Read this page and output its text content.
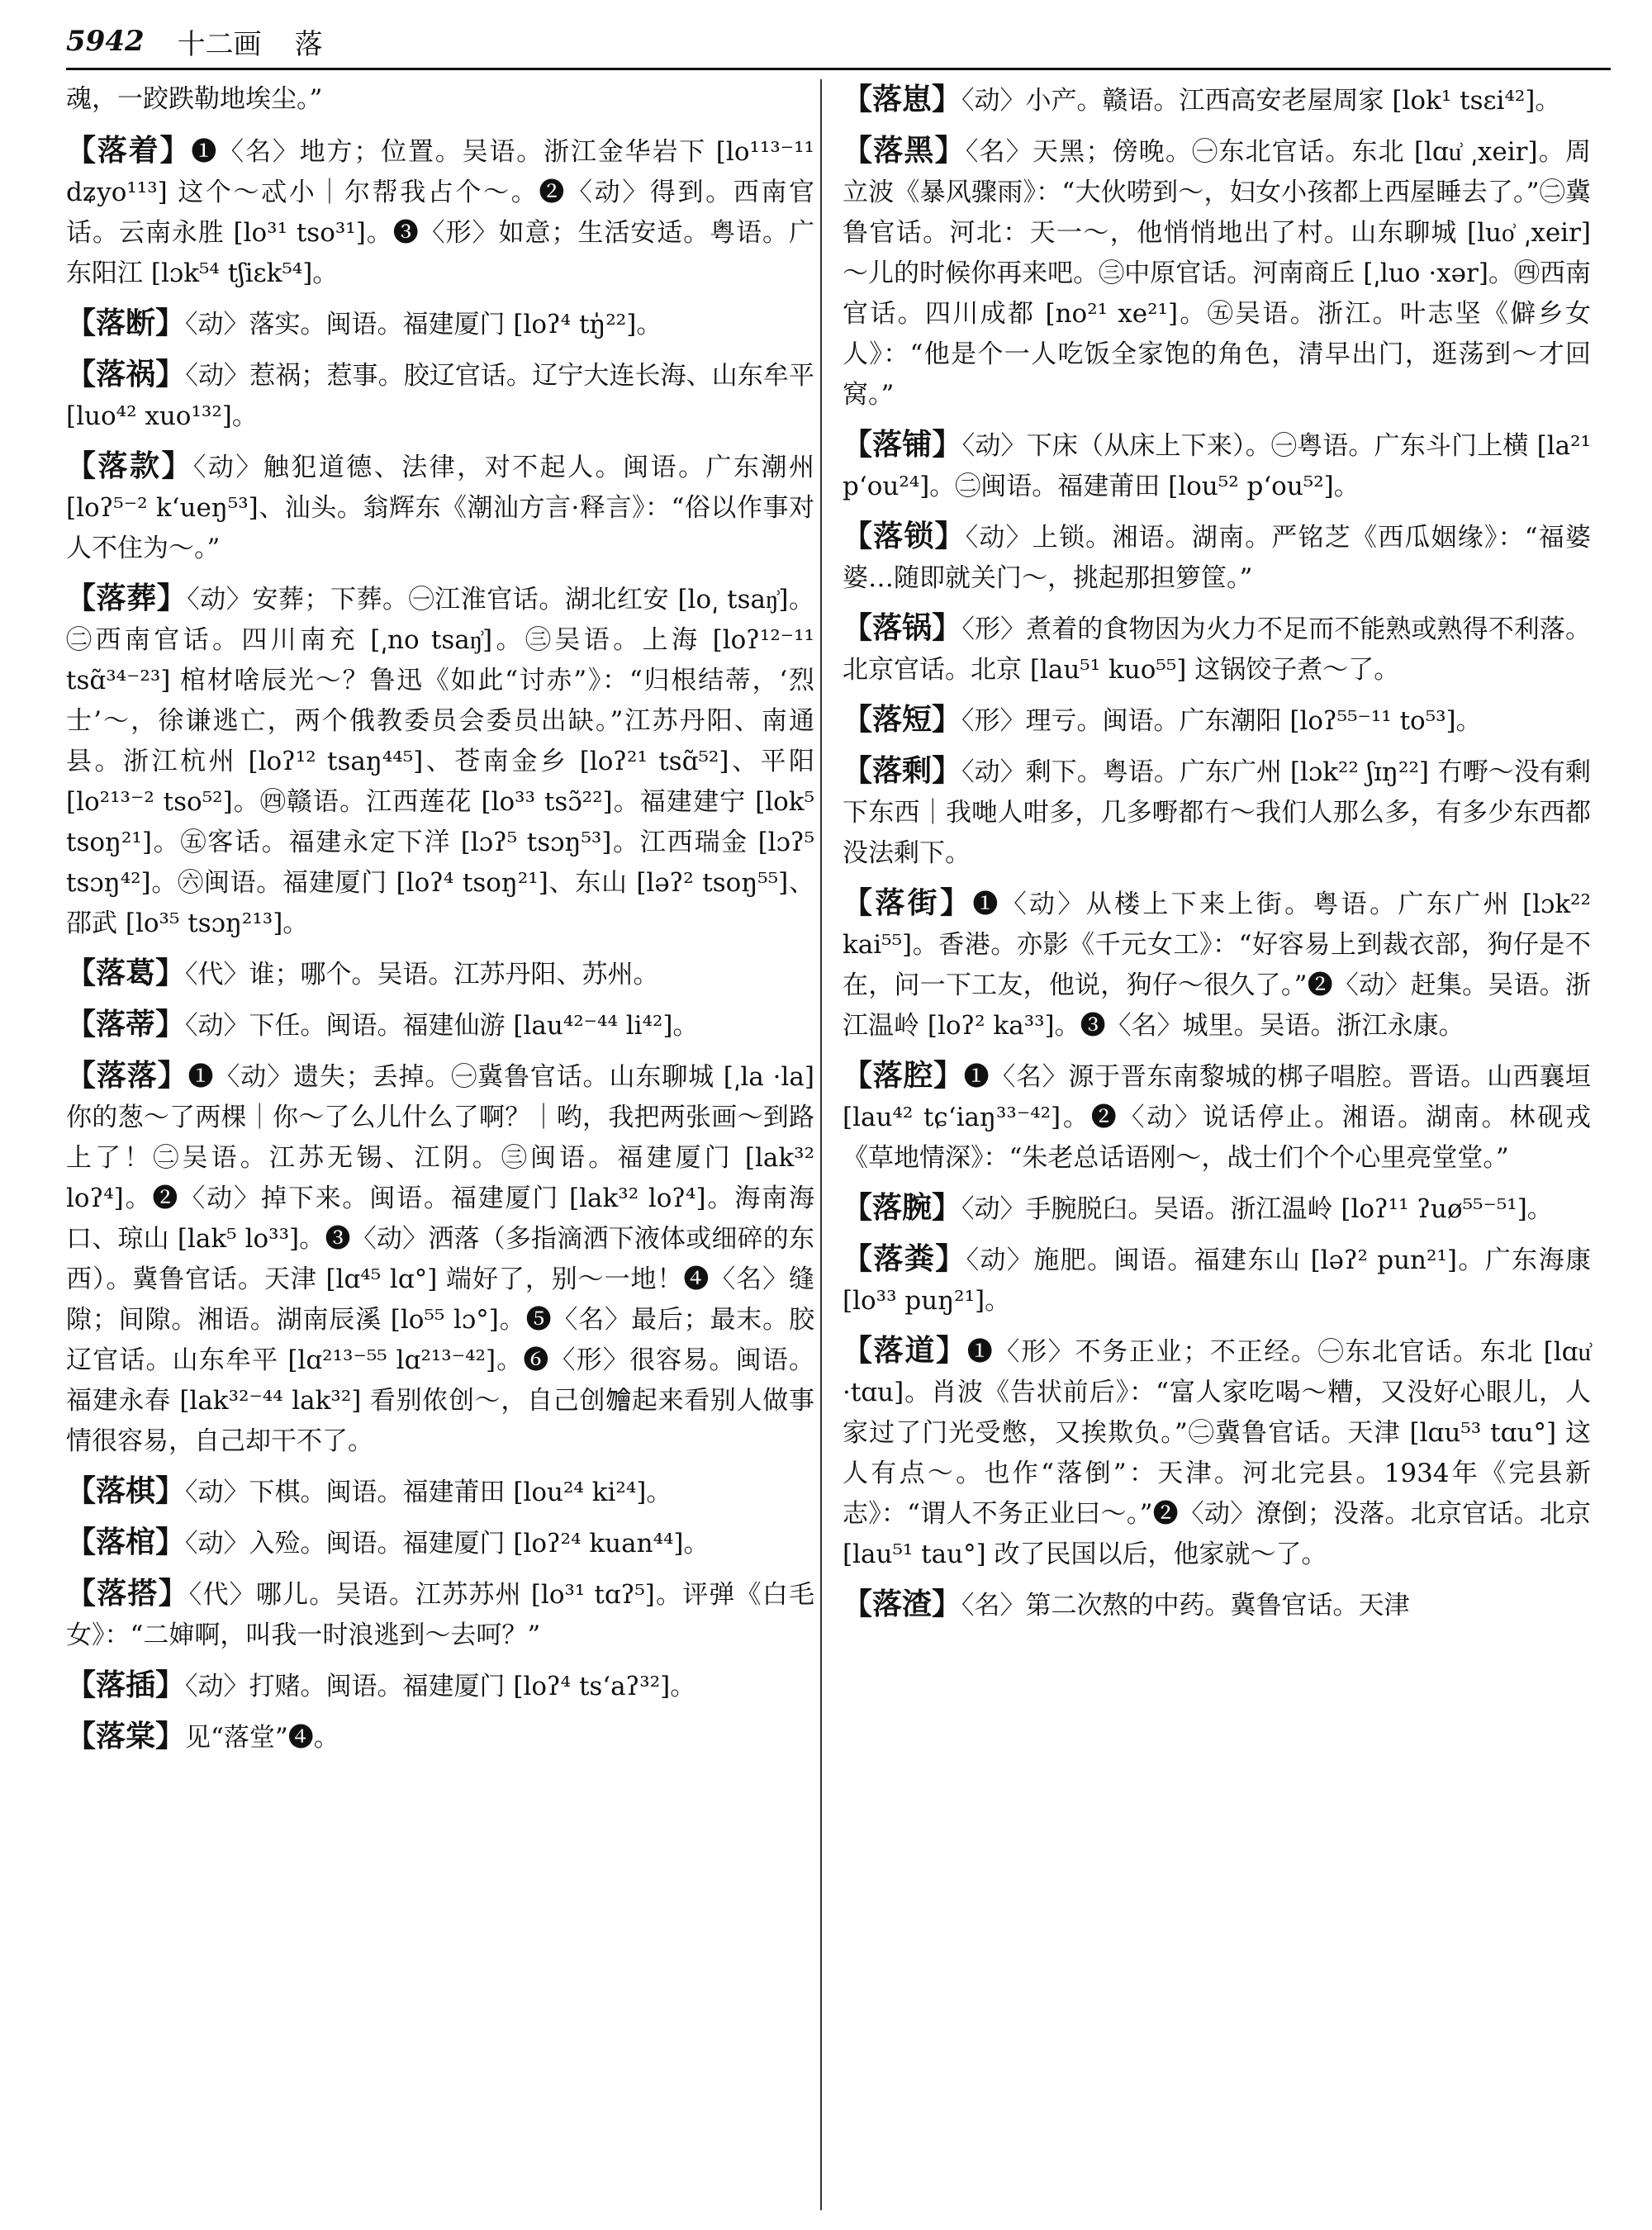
5942 十二画 落
魂，一跤跌勒地埃尘。”
【落着】❶〈名〉地方；位置。吴语。浙江金华岩下 [lo¹¹³⁻¹¹ dʑyo¹¹³] 这个～忒小｜尔帮我占个～。❷〈动〉得到。西南官话。云南永胜 [lo³¹ tso³¹]。❸〈形〉如意；生活安适。粤语。广东阳江 [lɔk⁵⁴ tʃiɛk⁵⁴]。
【落断】〈动〉落实。闽语。福建厦门 [loʔ⁴ tŋ̍²²]。
【落祸】〈动〉惹祸；惹事。胶辽官话。辽宁大连长海、山东牟平 [luo⁴² xuo¹³²]。
【落款】〈动〉触犯道德、法律，对不起人。闽语。广东潮州 [loʔ⁵⁻² kʻueŋ⁵³]、汕头。翁辉东《潮汕方言·释言》：“俗以作事对人不住为～。”
【落葬】〈动〉安葬；下葬。㊀江淮官话。湖北红安 [lo͵ tsaŋ͗]。㊁西南官话。四川南充 [͵no tsaŋ͗]。㊂吴语。上海 [loʔ¹²⁻¹¹ tsɑ̃³⁴⁻²³] 棺材啥辰光～？鲁迅《如此“讨赤”》：“归根结蒂，‘烈士’～，徐谦逃亡，两个俄教委员会委员出缺。”江苏丹阳、南通县。浙江杭州 [loʔ¹² tsaŋ⁴⁴⁵]、苍南金乡 [loʔ²¹ tsɑ̃⁵²]、平阳 [lo²¹³⁻² tso⁵²]。㊃赣语。江西莲花 [lo³³ tsɔ̃²²]。福建建宁 [lok⁵ tsoŋ²¹]。㊄客话。福建永定下洋 [lɔʔ⁵ tsɔŋ⁵³]。江西瑞金 [lɔʔ⁵ tsɔŋ⁴²]。㊅闽语。福建厦门 [loʔ⁴ tsoŋ²¹]、东山 [ləʔ² tsoŋ⁵⁵]、邵武 [lo³⁵ tsɔŋ²¹³]。
【落葛】〈代〉谁；哪个。吴语。江苏丹阳、苏州。
【落蒂】〈动〉下任。闽语。福建仙游 [lau⁴²⁻⁴⁴ li⁴²]。
【落落】❶〈动〉遗失；丢掉。㊀冀鲁官话。山东聊城 [͵la ·la] 你的葱～了两棵｜你～了么儿什么了啊？｜哟，我把两张画～到路上了！㊁吴语。江苏无锡、江阴。㊂闽语。福建厦门 [lak³² loʔ⁴]。❷〈动〉掉下来。闽语。福建厦门 [lak³² loʔ⁴]。海南海口、琼山 [lak⁵ lo³³]。❸〈动〉洒落（多指滴洒下液体或细碎的东西）。冀鲁官话。天津 [lɑ⁴⁵ lɑ°] 端好了，别～一地！❹〈名〉缝隙；间隙。湘语。湖南辰溪 [lo⁵⁵ lɔ°]。❺〈名〉最后；最末。胶辽官话。山东牟平 [lɑ²¹³⁻⁵⁵ lɑ²¹³⁻⁴²]。❻〈形〉很容易。闽语。福建永春 [lak³²⁻⁴⁴ lak³²] 看别侬创～，自己创𣍐起来看别人做事情很容易，自己却干不了。
【落棋】〈动〉下棋。闽语。福建莆田 [lou²⁴ ki²⁴]。
【落棺】〈动〉入殓。闽语。福建厦门 [loʔ²⁴ kuan⁴⁴]。
【落搭】〈代〉哪儿。吴语。江苏苏州 [lo³¹ tɑʔ⁵]。评弹《白毛女》：“二婶啊，叫我一时浪逃到～去呵？”
【落插】〈动〉打赌。闽语。福建厦门 [loʔ⁴ tsʻaʔ³²]。
【落棠】见“落堂”❹。
【落崽】〈动〉小产。赣语。江西高安老屋周家 [lok¹ tsɛi⁴²]。
【落黑】〈名〉天黑；傍晚。㊀东北官话。东北 [lɑu͗ ͵xeir]。周立波《暴风骤雨》：“大伙唠到～，妇女小孩都上西屋睡去了。”㊁冀鲁官话。河北：天一～，他悄悄地出了村。山东聊城 [luo͗ ͵xeir] ～儿的时候你再来吧。㊂中原官话。河南商丘 [͵luo ·xər]。㊃西南官话。四川成都 [no²¹ xe²¹]。㊄吴语。浙江。叶志坚《僻乡女人》：“他是个一人吃饭全家饱的角色，清早出门，逛荡到～才回窝。”
【落铺】〈动〉下床（从床上下来）。㊀粤语。广东斗门上横 [la²¹ pʻou²⁴]。㊁闽语。福建莆田 [lou⁵² pʻou⁵²]。
【落锁】〈动〉上锁。湘语。湖南。严铭芝《西瓜姻缘》：“福婆婆…随即就关门～，挑起那担箩筐。”
【落锅】〈形〉煮着的食物因为火力不足而不能熟或熟得不利落。北京官话。北京 [lau⁵¹ kuo⁵⁵] 这锅饺子煮～了。
【落短】〈形〉理亏。闽语。广东潮阳 [loʔ⁵⁵⁻¹¹ to⁵³]。
【落剩】〈动〉剩下。粤语。广东广州 [lɔk²² ʃɪŋ²²] 冇嘢～没有剩下东西｜我哋人咁多，几多嘢都冇～我们人那么多，有多少东西都没法剩下。
【落街】❶〈动〉从楼上下来上街。粤语。广东广州 [lɔk²² kai⁵⁵]。香港。亦影《千元女工》：“好容易上到裁衣部，狗仔是不在，问一下工友，他说，狗仔～很久了。”❷〈动〉赶集。吴语。浙江温岭 [loʔ² ka³³]。❸〈名〉城里。吴语。浙江永康。
【落腔】❶〈名〉源于晋东南黎城的梆子唱腔。晋语。山西襄垣 [lau⁴² tɕʻiaŋ³³⁻⁴²]。❷〈动〉说话停止。湘语。湖南。林砚戎《草地情深》：“朱老总话语刚～，战士们个个心里亮堂堂。”
【落腕】〈动〉手腕脱臼。吴语。浙江温岭 [loʔ¹¹ ʔuø⁵⁵⁻⁵¹]。
【落粪】〈动〉施肥。闽语。福建东山 [ləʔ² pun²¹]。广东海康 [lo³³ puŋ²¹]。
【落道】❶〈形〉不务正业；不正经。㊀东北官话。东北 [lɑu͗ ·tɑu]。肖波《告状前后》：“富人家吃喝～糟，又没好心眼儿，人家过了门光受憋，又挨欺负。”㊁冀鲁官话。天津 [lɑu⁵³ tɑu°] 这人有点～。也作“落倒”：天津。河北完县。1934年《完县新志》：“谓人不务正业曰～。”❷〈动〉潦倒；没落。北京官话。北京 [lau⁵¹ tau°] 改了民国以后，他家就～了。
【落渣】〈名〉第二次熬的中药。冀鲁官话。天津
